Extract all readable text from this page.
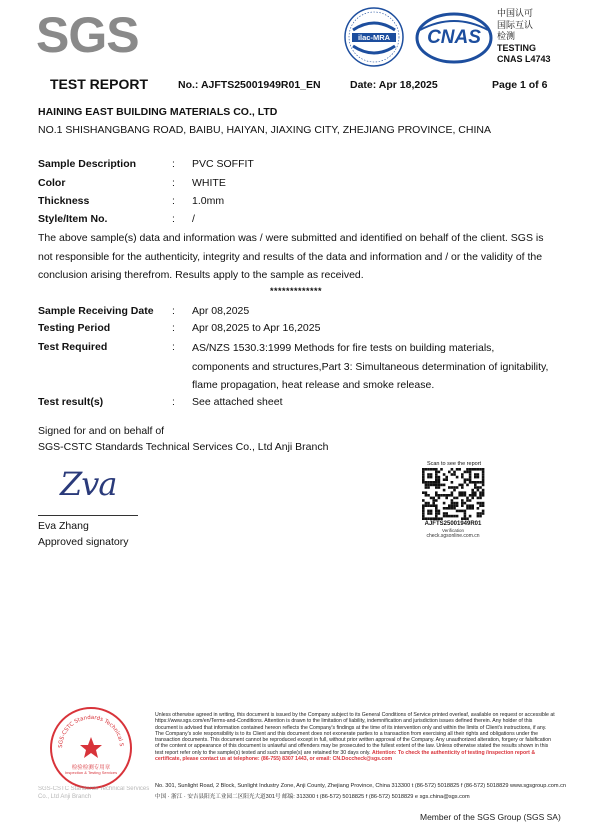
SGS	ilac-MRA	CNAS
中国认可
国际互认
检测
TESTING
CNAS L4743
TEST REPORT	No.: AJFTS25001949R01_EN	Date: Apr 18,2025	Page 1 of 6
HAINING EAST BUILDING MATERIALS CO., LTD
NO.1 SHISHANGBANG ROAD, BAIBU, HAIYAN, JIAXING CITY, ZHEJIANG PROVINCE, CHINA
Sample Description	: PVC SOFFIT
Color	: WHITE
Thickness	: 1.0mm
Style/Item No.	: /
The above sample(s) data and information was / were submitted and identified on behalf of the client. SGS is
not responsible for the authenticity, integrity and results of the data and information and / or the validity of the
conclusion arising therefrom. Results apply to the sample as received.
*************
Sample Receiving Date : Apr 08,2025
Testing Period	: Apr 08,2025 to Apr 16,2025
Test Required	: AS/NZS 1530.3:1999 Methods for fire tests on building materials,
components and structures,Part 3: Simultaneous determination of ignitability,
flame propagation, heat release and smoke release.
Test result(s)	: See attached sheet
Signed for and on behalf of
SGS-CSTC Standards Technical Services Co., Ltd Anji Branch
Zva
Eva Zhang
Approved signatory
Scan to see the report
AJFTS25001949R01
Verification
check.sgsonline.com.cn
SGS-CSTC Standards Technical S
检验检测专用章
Inspection & Testing Services
SGS-CSTC Standards Technical Services Co., Ltd Anji Branch
Unless otherwise agreed in writing, this document is issued by the Company subject to its General Conditions of Service printed overleaf, available on request or accessible at https://www.sgs.com/en/Terms-and-Conditions. Attention is drawn to the limitation of liability, indemnification and jurisdiction issues defined therein. Any holder of this document is advised that information contained hereon reflects the Company's findings at the time of its intervention only and within the limits of Client's instructions, if any. The Company's sole responsibility is to its Client and this document does not exonerate parties to a transaction from exercising all their rights and obligations under the transaction documents. This document cannot be reproduced except in full, without prior written approval of the Company. Any unauthorized alteration, forgery or falsification of the content or appearance of this document is unlawful and offenders may be prosecuted to the fullest extent of the law. Unless otherwise stated the results shown in this test report refer only to the sample(s) tested and such sample(s) are retained for 30 days only. Attention: To check the authenticity of testing /inspection report & certificate, please contact us at telephone: (86-755) 8307 1443, or email: CN.Doccheck@sgs.com
No. 301, Sunlight Road, 2 Block, Sunlight Industry Zone, Anji County, Zhejiang Province, China 313300 t (86-572) 5018825 f (86-572) 5018829 www.sgsgroup.com.cn
中国 · 浙江 · 安吉县阳光工业园二区阳光大道301号 邮编: 313300 t (86-572) 5018825 f (86-572) 5018829 e sgs.china@sgs.com
Member of the SGS Group (SGS SA)
